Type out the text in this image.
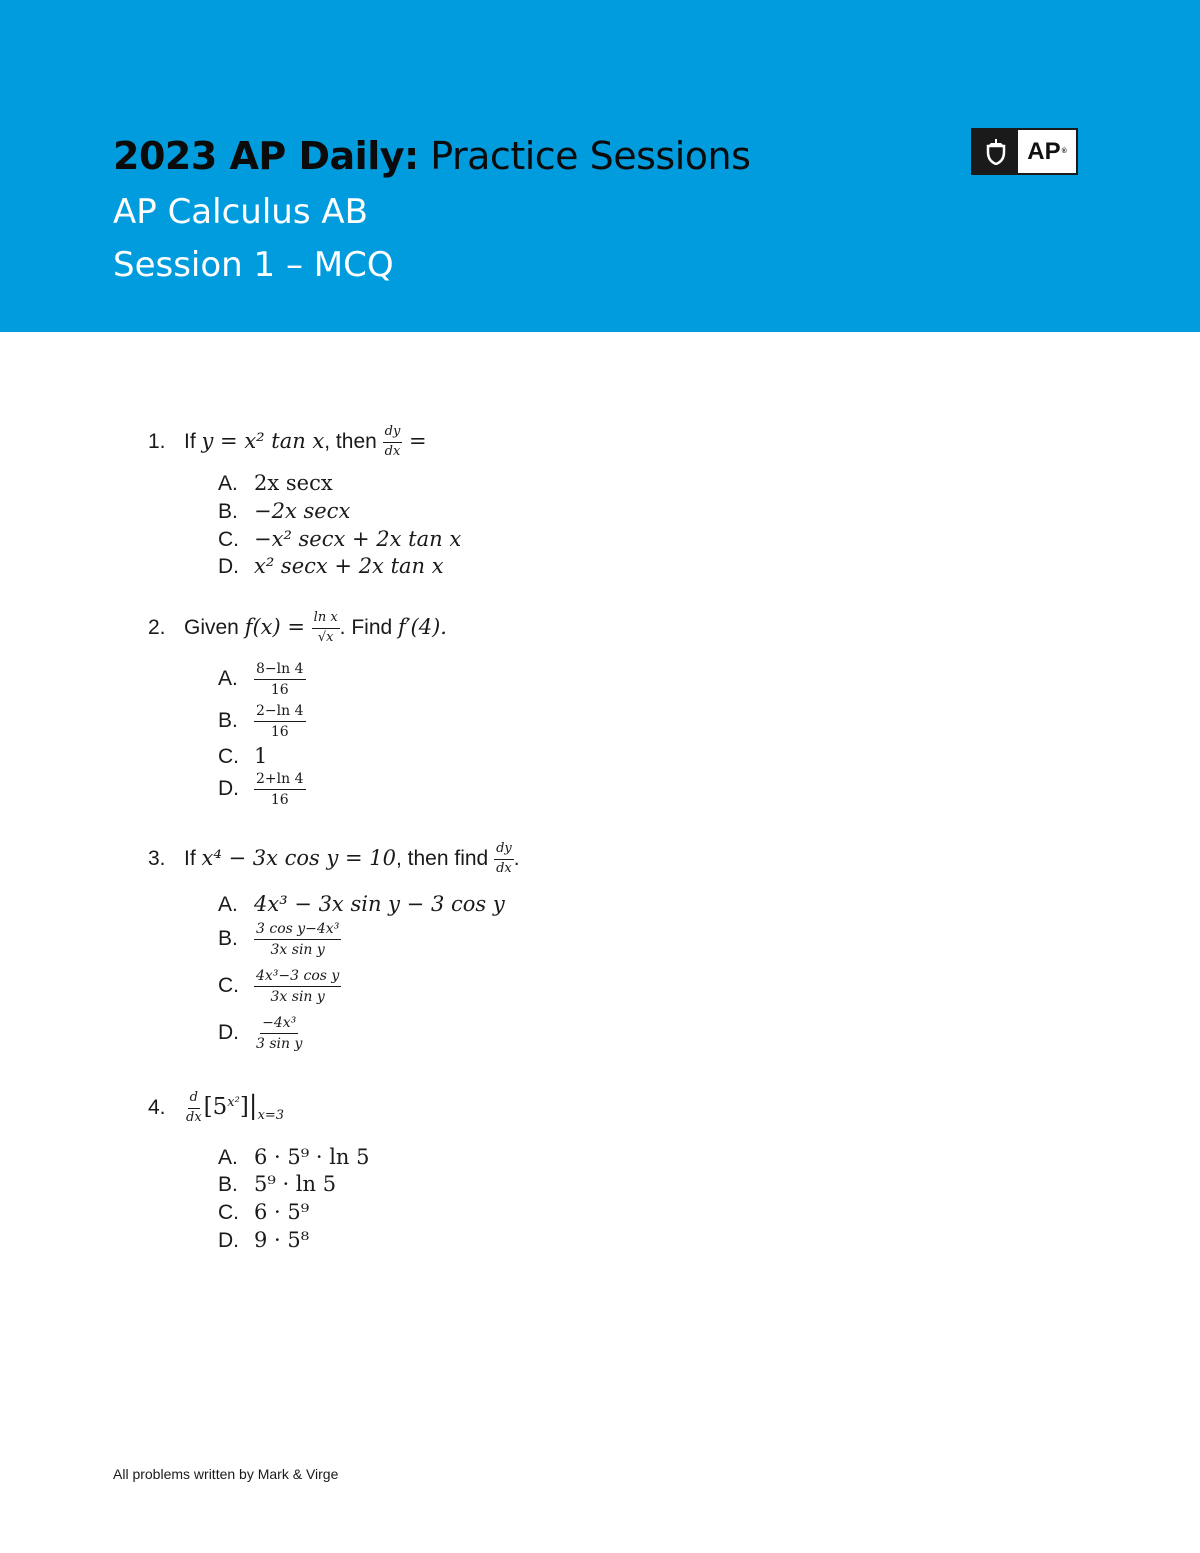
2023 AP Daily: Practice Sessions

AP Calculus AB

Session 1 – MCQ

AP ®

1. If y = x² tan x, then $\frac{dy}{dx}$ =

A. 2x secx

B. −2x secx

C. −x² secx + 2x tan x

D. x² secx + 2x tan x

2. Given $f(x) = \frac{\text{ln x}}{√x}$ . Find f′(4).

A. $\frac{8-\ln 4}{16}$

B. $\frac{2-\ln 4}{16}$

C. 1

D. $\frac{2+\ln 4}{16}$

3. If x⁴ − 3x cos y = 10, then find $\frac{dy}{dx}$ .

A. 4x³ − 3x sin y − 3 cos y

B. $\frac{\text{3 cos y−4x³}}{\text{3x sin y}}$

C. $\frac{\text{4x³−3 cos y}}{\text{3x sin y}}$

D. $\frac{\text{−4x³}}{\text{3 sin y}}$

4. $\frac{d}{dx} [5^{x^2}]|_{x=3}$

A. 6 · 5⁹ · ln 5

B. 5⁹ · ln 5

C. 6 · 5⁹

D. 9 · 5⁸

All problems written by Mark & Virge
